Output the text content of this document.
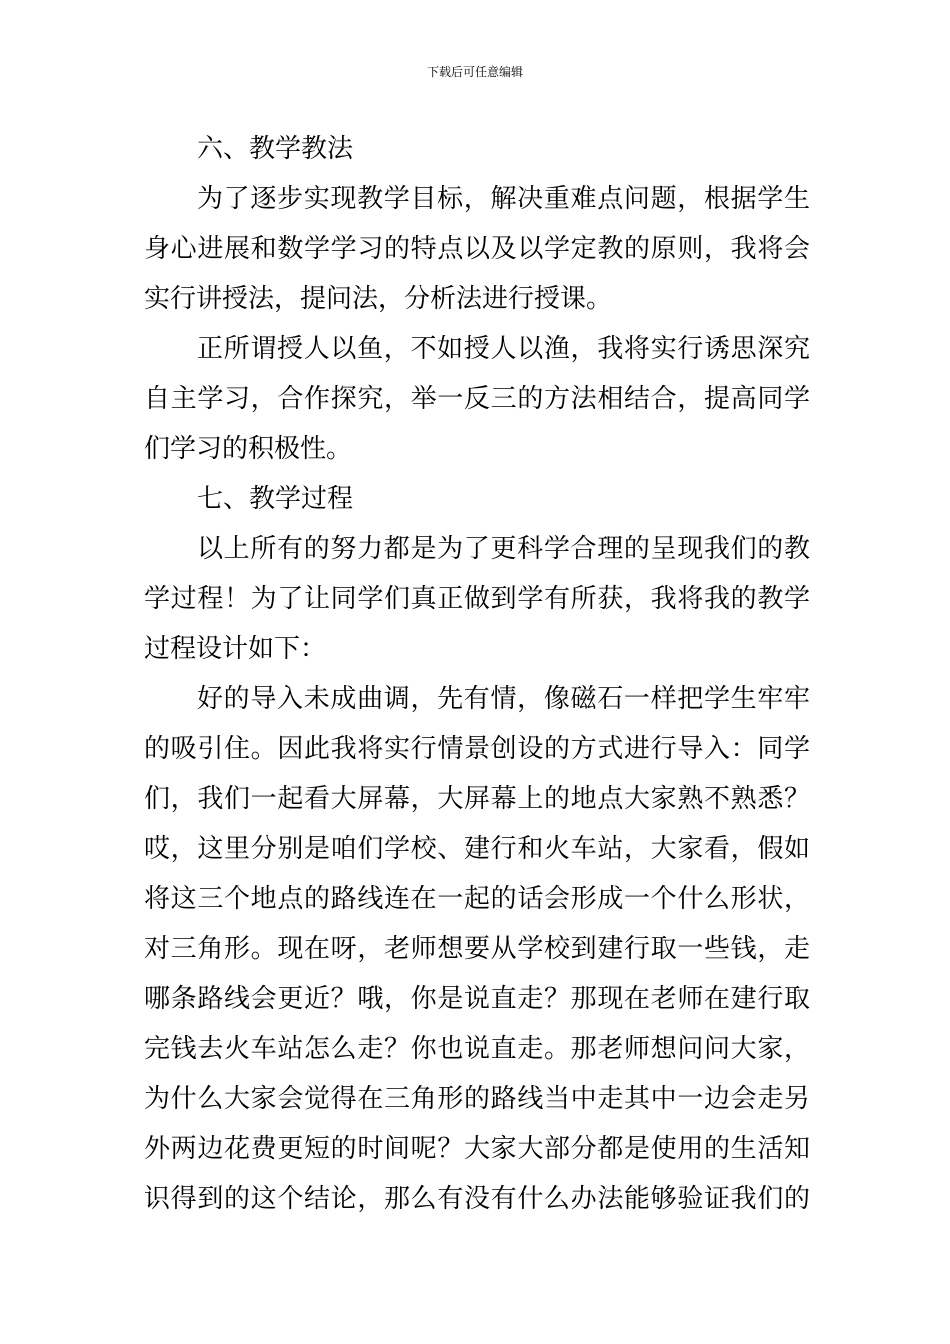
下载后可任意编辑
六、教学教法
为了逐步实现教学目标，解决重难点问题，根据学生
身心进展和数学学习的特点以及以学定教的原则，我将会
实行讲授法，提问法，分析法进行授课。
正所谓授人以鱼，不如授人以渔，我将实行诱思深究
自主学习，合作探究，举一反三的方法相结合，提高同学
们学习的积极性。
七、教学过程
以上所有的努力都是为了更科学合理的呈现我们的教
学过程！为了让同学们真正做到学有所获，我将我的教学
过程设计如下：
好的导入未成曲调，先有情，像磁石一样把学生牢牢
的吸引住。因此我将实行情景创设的方式进行导入：同学
们，我们一起看大屏幕，大屏幕上的地点大家熟不熟悉？
哎，这里分别是咱们学校、建行和火车站，大家看，假如
将这三个地点的路线连在一起的话会形成一个什么形状，
对三角形。现在呀，老师想要从学校到建行取一些钱，走
哪条路线会更近？哦，你是说直走？那现在老师在建行取
完钱去火车站怎么走？你也说直走。那老师想问问大家，
为什么大家会觉得在三角形的路线当中走其中一边会走另
外两边花费更短的时间呢？大家大部分都是使用的生活知
识得到的这个结论，那么有没有什么办法能够验证我们的
